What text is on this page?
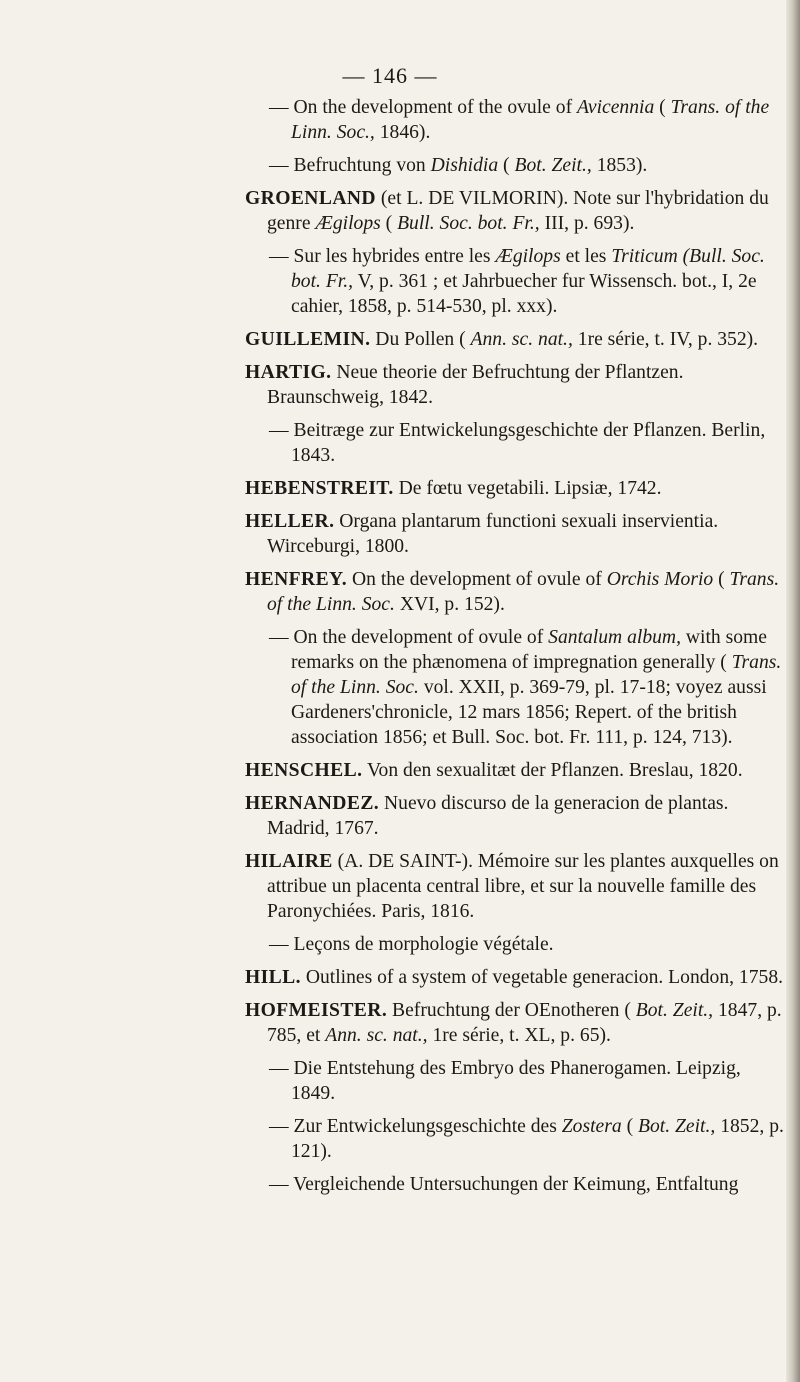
— 146 —

— On the development of the ovule of Avicennia ( Trans. of the Linn. Soc., 1846).

— Befruchtung von Dishidia ( Bot. Zeit., 1853).

GROENLAND (et L. DE VILMORIN). Note sur l'hybridation du genre Ægilops ( Bull. Soc. bot. Fr., III, p. 693).

— Sur les hybrides entre les Ægilops et les Triticum (Bull. Soc. bot. Fr., V, p. 361 ; et Jahrbuecher fur Wissensch. bot., I, 2e cahier, 1858, p. 514-530, pl. xxx).

GUILLEMIN. Du Pollen ( Ann. sc. nat., 1re série, t. IV, p. 352).

HARTIG. Neue theorie der Befruchtung der Pflantzen. Braunschweig, 1842.

— Beitræge zur Entwickelungsgeschichte der Pflanzen. Berlin, 1843.

HEBENSTREIT. De fœtu vegetabili. Lipsiæ, 1742.

HELLER. Organa plantarum functioni sexuali inservientia. Wirceburgi, 1800.

HENFREY. On the development of ovule of Orchis Morio ( Trans. of the Linn. Soc. XVI, p. 152).

— On the development of ovule of Santalum album, with some remarks on the phænomena of impregnation generally ( Trans. of the Linn. Soc. vol. XXII, p. 369-79, pl. 17-18; voyez aussi Gardeners'chronicle, 12 mars 1856; Repert. of the british association 1856; et Bull. Soc. bot. Fr. 111, p. 124, 713).

HENSCHEL. Von den sexualitæt der Pflanzen. Breslau, 1820.

HERNANDEZ. Nuevo discurso de la generacion de plantas. Madrid, 1767.

HILAIRE (A. DE SAINT-). Mémoire sur les plantes auxquelles on attribue un placenta central libre, et sur la nouvelle famille des Paronychiées. Paris, 1816.

— Leçons de morphologie végétale.

HILL. Outlines of a system of vegetable generacion. London, 1758.

HOFMEISTER. Befruchtung der OEnotheren ( Bot. Zeit., 1847, p. 785, et Ann. sc. nat., 1re série, t. XL, p. 65).

— Die Entstehung des Embryo des Phanerogamen. Leipzig, 1849.

— Zur Entwickelungsgeschichte des Zostera ( Bot. Zeit., 1852, p. 121).

— Vergleichende Untersuchungen der Keimung, Entfaltung
